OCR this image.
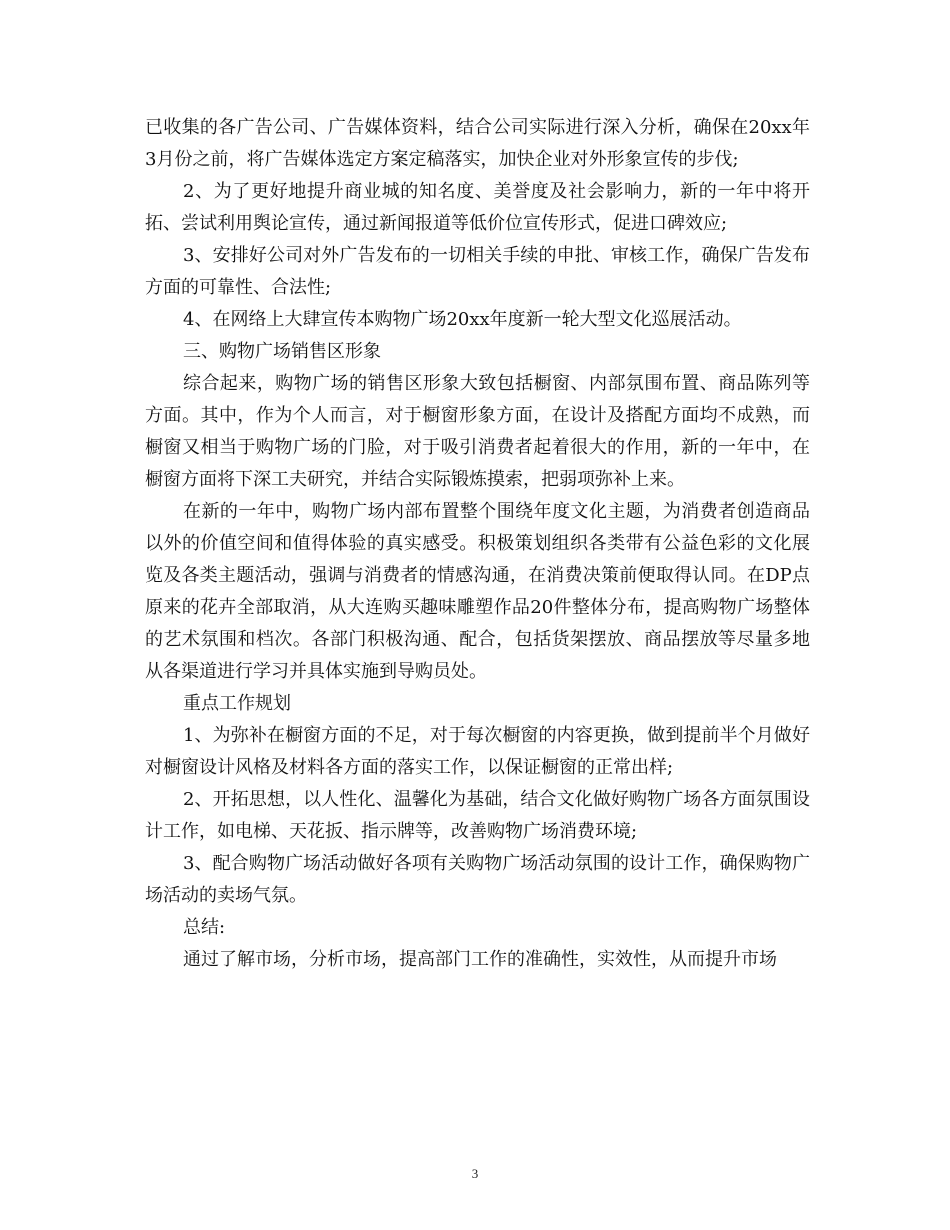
已收集的各广告公司、广告媒体资料，结合公司实际进行深入分析，确保在20xx年3月份之前，将广告媒体选定方案定稿落实，加快企业对外形象宣传的步伐;

2、为了更好地提升商业城的知名度、美誉度及社会影响力，新的一年中将开拓、尝试利用舆论宣传，通过新闻报道等低价位宣传形式，促进口碑效应;

3、安排好公司对外广告发布的一切相关手续的申批、审核工作，确保广告发布方面的可靠性、合法性;

4、在网络上大肆宣传本购物广场20xx年度新一轮大型文化巡展活动。

三、购物广场销售区形象

综合起来，购物广场的销售区形象大致包括橱窗、内部氛围布置、商品陈列等方面。其中，作为个人而言，对于橱窗形象方面，在设计及搭配方面均不成熟，而橱窗又相当于购物广场的门脸，对于吸引消费者起着很大的作用，新的一年中，在橱窗方面将下深工夫研究，并结合实际锻炼摸索，把弱项弥补上来。

在新的一年中，购物广场内部布置整个围绕年度文化主题，为消费者创造商品以外的价值空间和值得体验的真实感受。积极策划组织各类带有公益色彩的文化展览及各类主题活动，强调与消费者的情感沟通，在消费决策前便取得认同。在DP点原来的花卉全部取消，从大连购买趣味雕塑作品20件整体分布，提高购物广场整体的艺术氛围和档次。各部门积极沟通、配合，包括货架摆放、商品摆放等尽量多地从各渠道进行学习并具体实施到导购员处。

重点工作规划

1、为弥补在橱窗方面的不足，对于每次橱窗的内容更换，做到提前半个月做好对橱窗设计风格及材料各方面的落实工作，以保证橱窗的正常出样;

2、开拓思想，以人性化、温馨化为基础，结合文化做好购物广场各方面氛围设计工作，如电梯、天花扳、指示牌等，改善购物广场消费环境;

3、配合购物广场活动做好各项有关购物广场活动氛围的设计工作，确保购物广场活动的卖场气氛。

总结:

通过了解市场，分析市场，提高部门工作的准确性，实效性，从而提升市场

3
